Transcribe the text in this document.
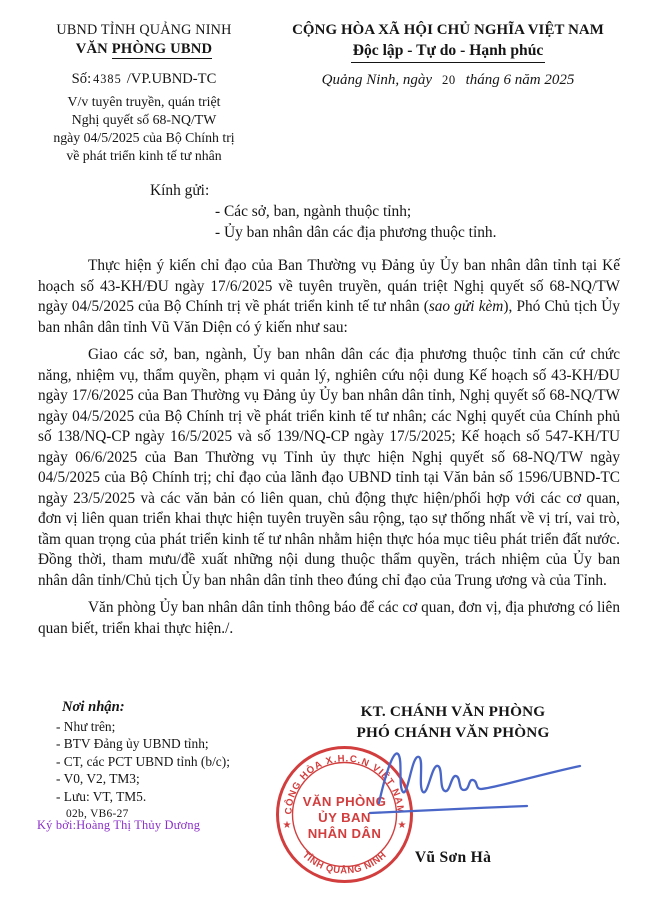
UBND TỈNH QUẢNG NINH
VĂN PHÒNG UBND
Số: 4385 /VP.UBND-TC
V/v tuyên truyền, quán triệt
Nghị quyết số 68-NQ/TW
ngày 04/5/2025 của Bộ Chính trị
về phát triển kinh tế tư nhân
CỘNG HÒA XÃ HỘI CHỦ NGHĨA VIỆT NAM
Độc lập - Tự do - Hạnh phúc
Quảng Ninh, ngày 20 tháng 6 năm 2025
Kính gửi:
- Các sở, ban, ngành thuộc tỉnh;
- Ủy ban nhân dân các địa phương thuộc tỉnh.

Thực hiện ý kiến chỉ đạo của Ban Thường vụ Đảng ủy Ủy ban nhân dân tỉnh tại Kế hoạch số 43-KH/ĐU ngày 17/6/2025 về tuyên truyền, quán triệt Nghị quyết số 68-NQ/TW ngày 04/5/2025 của Bộ Chính trị về phát triển kinh tế tư nhân (sao gửi kèm), Phó Chủ tịch Ủy ban nhân dân tỉnh Vũ Văn Diện có ý kiến như sau:

Giao các sở, ban, ngành, Ủy ban nhân dân các địa phương thuộc tỉnh căn cứ chức năng, nhiệm vụ, thẩm quyền, phạm vi quản lý, nghiên cứu nội dung Kế hoạch số 43-KH/ĐU ngày 17/6/2025 của Ban Thường vụ Đảng ủy Ủy ban nhân dân tỉnh, Nghị quyết số 68-NQ/TW ngày 04/5/2025 của Bộ Chính trị về phát triển kinh tế tư nhân; các Nghị quyết của Chính phủ số 138/NQ-CP ngày 16/5/2025 và số 139/NQ-CP ngày 17/5/2025; Kế hoạch số 547-KH/TU ngày 06/6/2025 của Ban Thường vụ Tỉnh ủy thực hiện Nghị quyết số 68-NQ/TW ngày 04/5/2025 của Bộ Chính trị; chỉ đạo của lãnh đạo UBND tỉnh tại Văn bản số 1596/UBND-TC ngày 23/5/2025 và các văn bản có liên quan, chủ động thực hiện/phối hợp với các cơ quan, đơn vị liên quan triển khai thực hiện tuyên truyền sâu rộng, tạo sự thống nhất về vị trí, vai trò, tầm quan trọng của phát triển kinh tế tư nhân nhằm hiện thực hóa mục tiêu phát triển đất nước. Đồng thời, tham mưu/đề xuất những nội dung thuộc thẩm quyền, trách nhiệm của Ủy ban nhân dân tỉnh/Chủ tịch Ủy ban nhân dân tỉnh theo đúng chỉ đạo của Trung ương và của Tỉnh.

Văn phòng Ủy ban nhân dân tỉnh thông báo để các cơ quan, đơn vị, địa phương có liên quan biết, triển khai thực hiện./.

Nơi nhận:
- Như trên;
- BTV Đảng ủy UBND tỉnh;
- CT, các PCT UBND tỉnh (b/c);
- V0, V2, TM3;
- Lưu: VT, TM5.
02b, VB6-27
Ký bởi:Hoàng Thị Thủy Dương
KT. CHÁNH VĂN PHÒNG
PHÓ CHÁNH VĂN PHÒNG
Vũ Sơn Hà
CỘNG HÒA X.H.C.N VIỆT NAM
TỈNH QUẢNG NINH
VĂN PHÒNG
ỦY BAN
NHÂN DÂN
★	★
